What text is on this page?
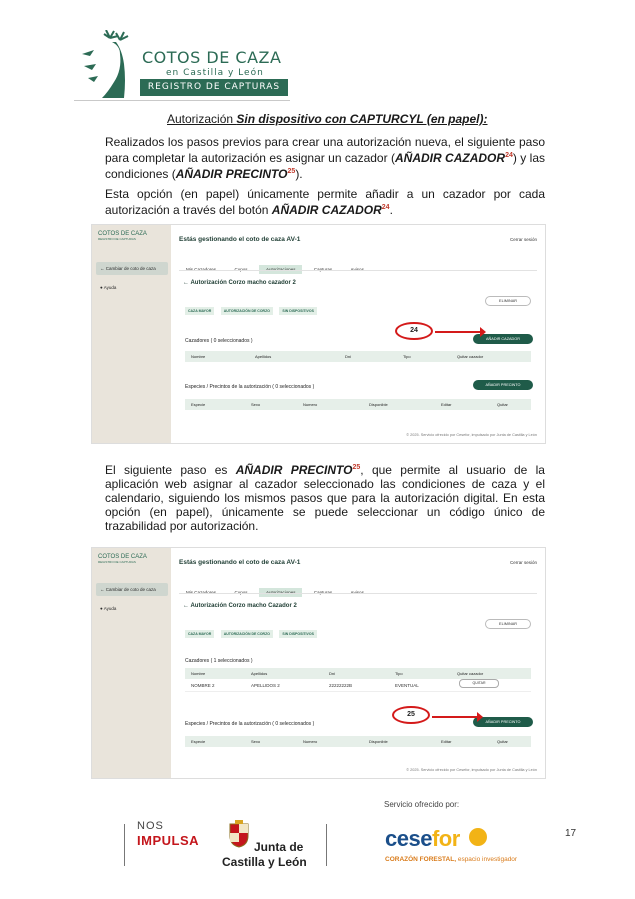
COTOS DE CAZA
en Castilla y León
REGISTRO DE CAPTURAS
Autorización Sin dispositivo con CAPTURCYL (en papel):
Realizados los pasos previos para crear una autorización nueva, el siguiente paso para completar la autorización es asignar un cazador (AÑADIR CAZADOR$^{24}$) y las condiciones (AÑADIR PRECINTO$^{25}$).
Esta opción (en papel) únicamente permite añadir a un cazador por cada autorización a través del botón AÑADIR CAZADOR$^{24}$.
COTOS DE CAZA
REGISTRO DE CAPTURAS
← Cambiar de coto de caza
● Ayuda
Estás gestionando el coto de caza AV-1	Cerrar sesión

← Autorización Corzo macho cazador 2
CAZA MAYOR	AUTORIZACIÓN DE CORZO	SIN DISPOSITIVOS
ELIMINAR
AÑADIR CAZADOR
Cazadores ( 0 seleccionados )
Nombre	Apellidos	Dni	Tipo	Quitar cazador
AÑADIR PRECINTO
Especies / Precintos de la autorización ( 0 seleccionados )
Especie	Sexo	Numero	Disponible	Editar	Quitar
© 2025. Servicio ofrecido por Cesefor, impulsado por Junta de Castilla y León
24
El siguiente paso es AÑADIR PRECINTO$^{25}$, que permite al usuario de la aplicación web asignar al cazador seleccionado las condiciones de caza y el calendario, siguiendo los mismos pasos que para la autorización digital. En esta opción (en papel), únicamente se puede seleccionar un código único de trazabilidad por autorización.
COTOS DE CAZA
REGISTRO DE CAPTURAS
← Cambiar de coto de caza
● Ayuda
Estás gestionando el coto de caza AV-1	Cerrar sesión

← Autorización Corzo macho Cazador 2
CAZA MAYOR	AUTORIZACIÓN DE CORZO	SIN DISPOSITIVOS
ELIMINAR
Cazadores ( 1 seleccionados )
Nombre	Apellidos	Dni	Tipo	Quitar cazador
NOMBRE 2	APELLIDOS 2	22222222B	EVENTUAL	QUITAR
AÑADIR PRECINTO
Especies / Precintos de la autorización ( 0 seleccionados )
Especie	Sexo	Numero	Disponible	Editar	Quitar
© 2025. Servicio ofrecido por Cesefor, impulsado por Junta de Castilla y León
25
Servicio ofrecido por:
NOS
IMPULSA	Junta de
Castilla y León
cesefor
CORAZÓN FORESTAL, espacio investigador
17
